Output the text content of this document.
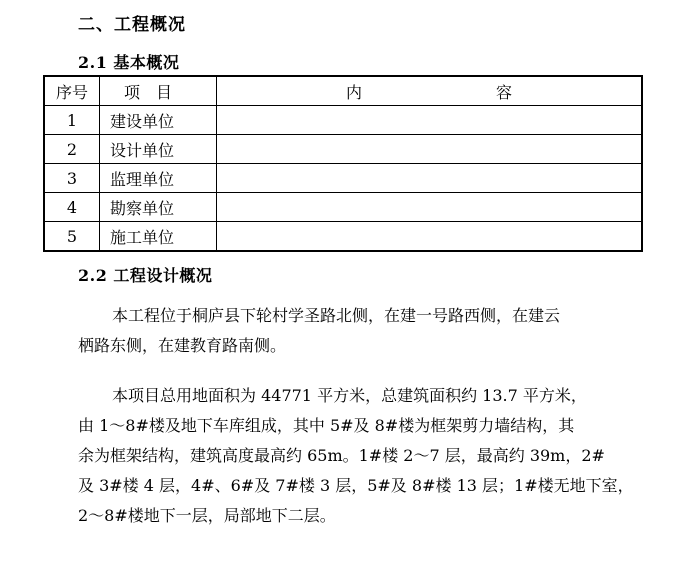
二、工程概况
2.1 基本概况
序号	项目	内 容
1	建设单位	
2	设计单位	
3	监理单位	
4	勘察单位	
5	施工单位	
2.2 工程设计概况
本工程位于桐庐县下轮村学圣路北侧，在建一号路西侧，在建云
栖路东侧，在建教育路南侧。
本项目总用地面积为 44771 平方米，总建筑面积约 13.7 平方米，
由 1～8#楼及地下车库组成，其中 5#及 8#楼为框架剪力墙结构，其
余为框架结构，建筑高度最高约 65m。1#楼 2～7 层，最高约 39m，2#
及 3#楼 4 层，4#、6#及 7#楼 3 层，5#及 8#楼 13 层；1#楼无地下室，
2～8#楼地下一层，局部地下二层。
